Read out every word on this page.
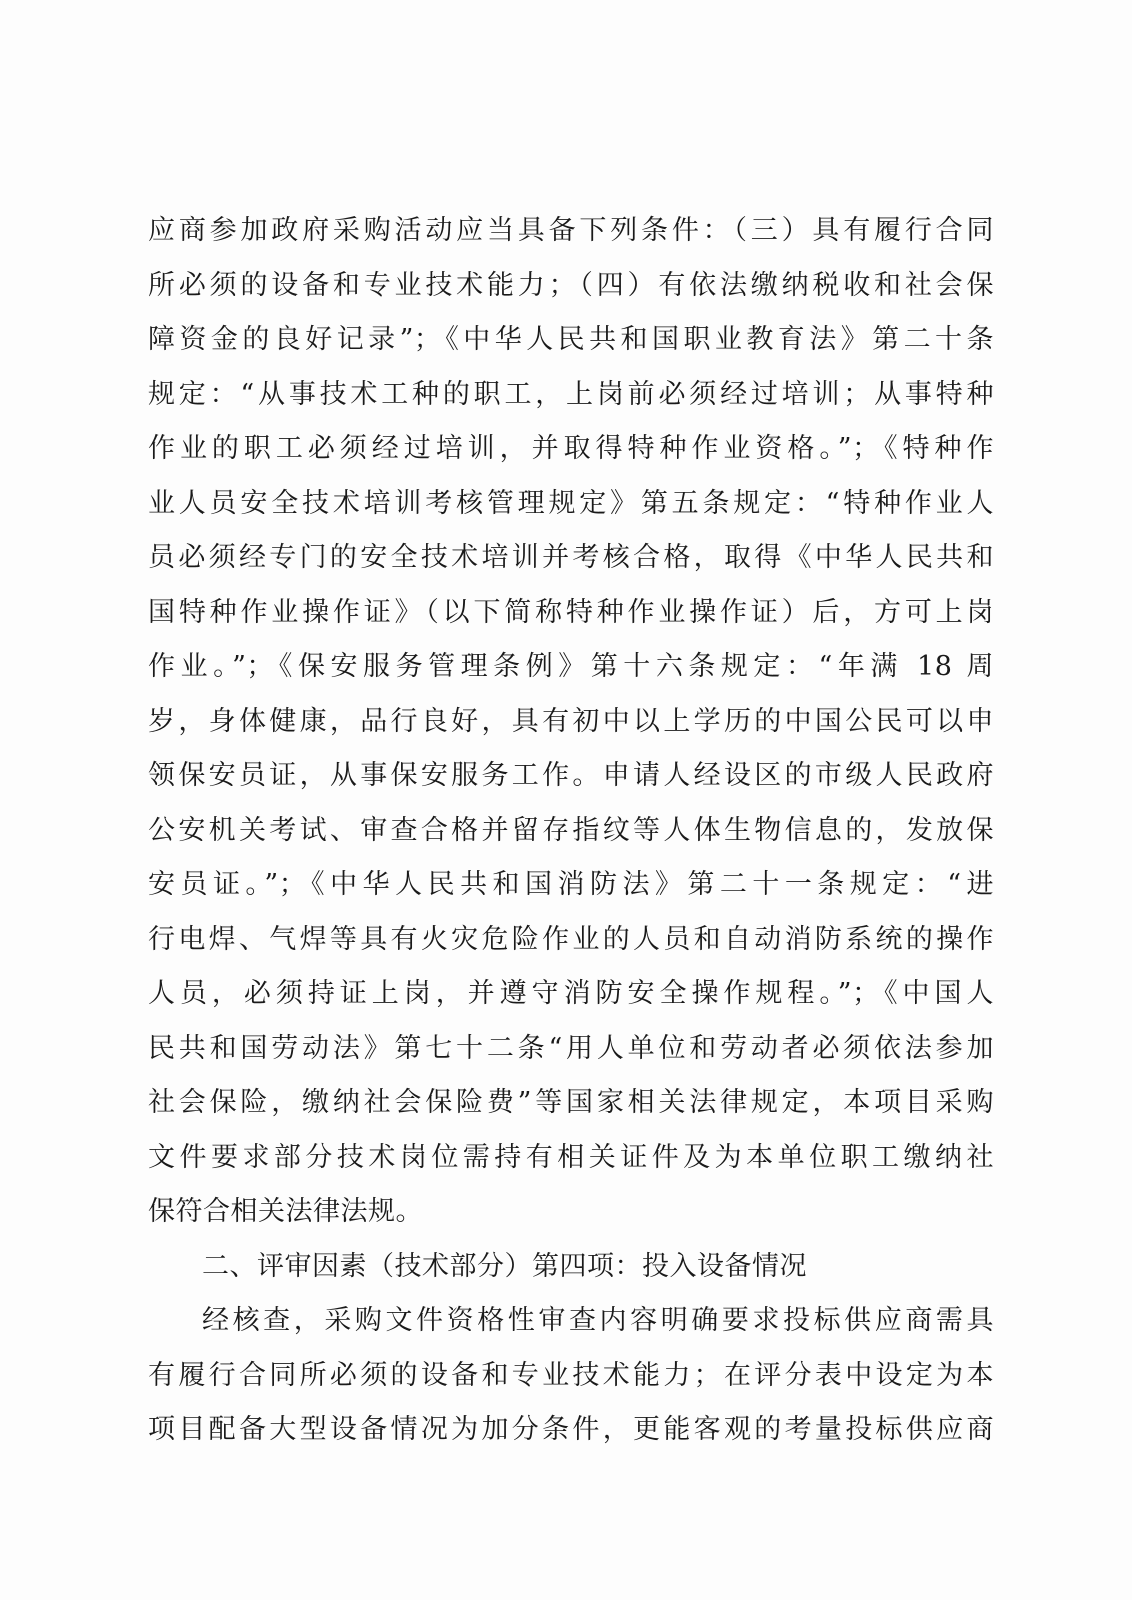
应商参加政府采购活动应当具备下列条件：（三）具有履行合同
所必须的设备和专业技术能力；（四）有依法缴纳税收和社会保
障资金的良好记录”；《中华人民共和国职业教育法》第二十条
规定：“从事技术工种的职工，上岗前必须经过培训；从事特种
作业的职工必须经过培训，并取得特种作业资格。”；《特种作
业人员安全技术培训考核管理规定》第五条规定：“特种作业人
员必须经专门的安全技术培训并考核合格，取得《中华人民共和
国特种作业操作证》（以下简称特种作业操作证）后，方可上岗
作业。”；《保安服务管理条例》第十六条规定：“年满 18 周
岁，身体健康，品行良好，具有初中以上学历的中国公民可以申
领保安员证，从事保安服务工作。申请人经设区的市级人民政府
公安机关考试、审查合格并留存指纹等人体生物信息的，发放保
安员证。”；《中华人民共和国消防法》第二十一条规定：“进
行电焊、气焊等具有火灾危险作业的人员和自动消防系统的操作
人员，必须持证上岗，并遵守消防安全操作规程。”；《中国人
民共和国劳动法》第七十二条“用人单位和劳动者必须依法参加
社会保险，缴纳社会保险费”等国家相关法律规定，本项目采购
文件要求部分技术岗位需持有相关证件及为本单位职工缴纳社
保符合相关法律法规。
二、评审因素（技术部分）第四项：投入设备情况
经核查，采购文件资格性审查内容明确要求投标供应商需具
有履行合同所必须的设备和专业技术能力；在评分表中设定为本
项目配备大型设备情况为加分条件，更能客观的考量投标供应商
